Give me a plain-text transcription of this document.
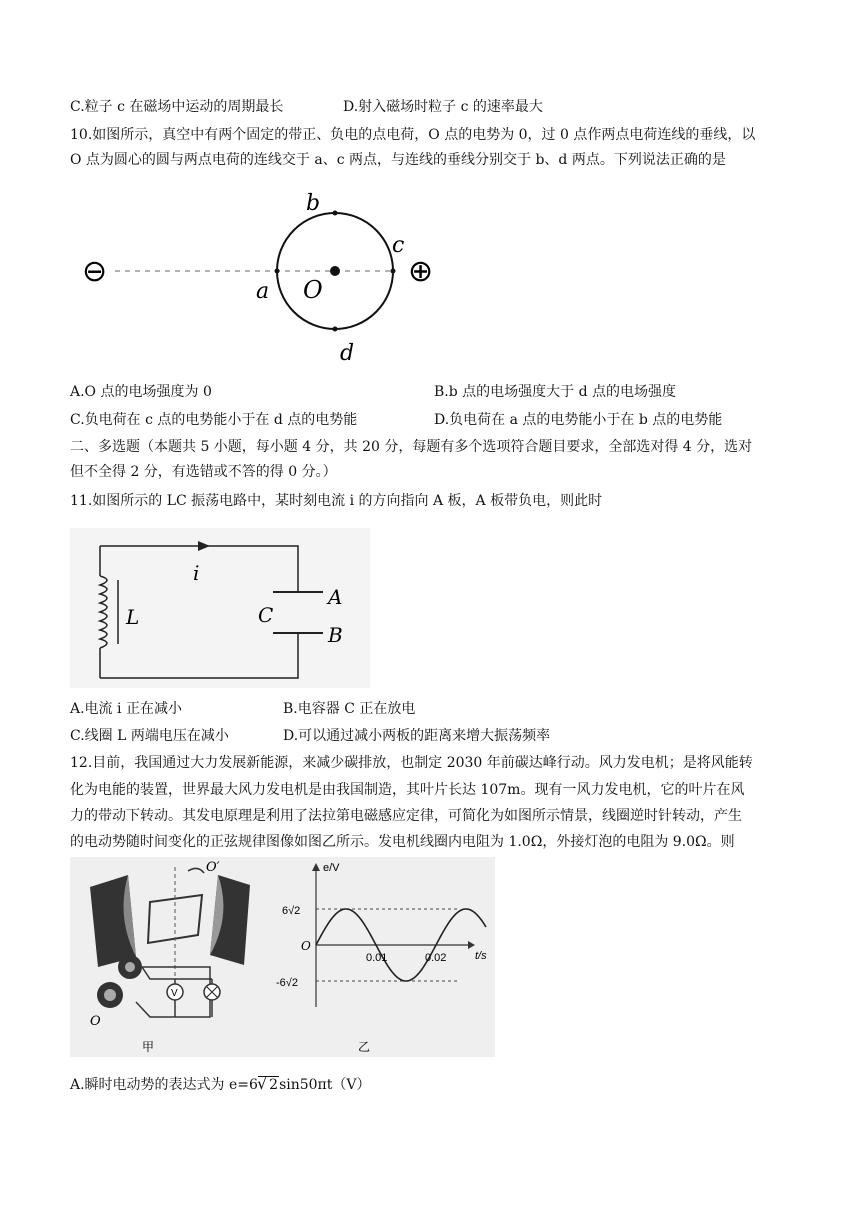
C.粒子 c 在磁场中运动的周期最长	D.射入磁场时粒子 c 的速率最大
10.如图所示，真空中有两个固定的带正、负电的点电荷，O 点的电势为 0，过 0 点作两点电荷连线的垂线，以
O 点为圆心的圆与两点电荷的连线交于 a、c 两点，与连线的垂线分别交于 b、d 两点。下列说法正确的是
⊖	⊕
a
b
c
d
O
A.O 点的电场强度为 0	B.b 点的电场强度大于 d 点的电场强度
C.负电荷在 c 点的电势能小于在 d 点的电势能	D.负电荷在 a 点的电势能小于在 b 点的电势能
二、多选题（本题共 5 小题，每小题 4 分，共 20 分，每题有多个选项符合题目要求，全部选对得 4 分，选对
但不全得 2 分，有选错或不答的得 0 分。）
11.如图所示的 LC 振荡电路中，某时刻电流 i 的方向指向 A 板，A 板带负电，则此时
i
L	C
A
B
A.电流 i 正在减小	B.电容器 C 正在放电
C.线圈 L 两端电压在减小	D.可以通过减小两板的距离来增大振荡频率
12.目前，我国通过大力发展新能源，来减少碳排放，也制定 2030 年前碳达峰行动。风力发电机；是将风能转
化为电能的装置，世界最大风力发电机是由我国制造，其叶片长达 107m。现有一风力发电机，它的叶片在风
力的带动下转动。其发电原理是利用了法拉第电磁感应定律，可简化为如图所示情景，线圈逆时针转动，产生
的电动势随时间变化的正弦规律图像如图乙所示。发电机线圈内电阻为 1.0Ω，外接灯泡的电阻为 9.0Ω。则
V
O′
O
甲
e/V
t/s
O
6√2
-6√2
0.01	0.02
乙
A.瞬时电动势的表达式为 e=6√ 2sin50πt（V）
